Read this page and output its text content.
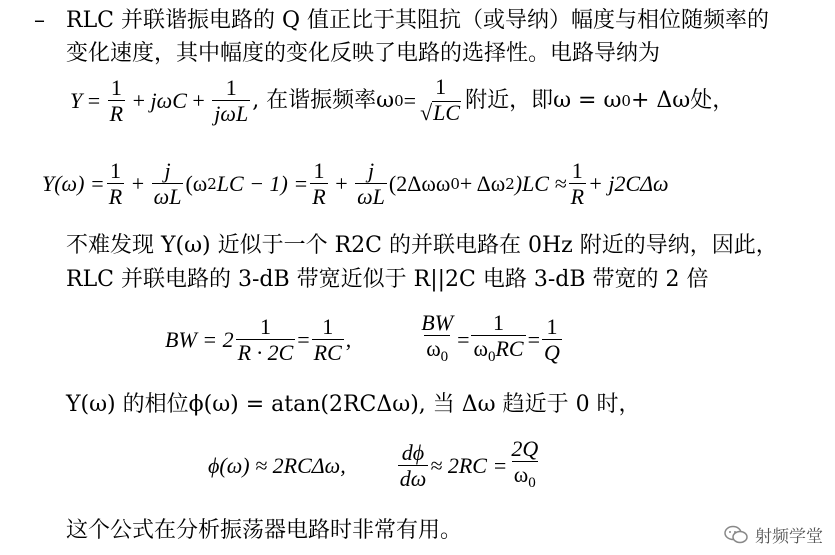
– RLC 并联谐振电路的 Q 值正比于其阻抗（或导纳）幅度与相位随频率的
变化速度，其中幅度的变化反映了电路的选择性。电路导纳为
$Y = \frac{1}{R} + j\omega C + \frac{1}{\text{jωL}}$ , 在谐振频率ω 0 =
1
√ LC 附近，即ω = ω 0 + Δω处，
$Y(\omega) = \frac{1}{R} + \frac{j}{\omega L} (\omega$ 2 LC − $1) = \frac{1}{R} + \frac{j}{\omega L} (2\Delta\omega\omega$ 0 + Δω 2 )$LC \approx \frac{1}{R} + j2C\Delta\omega$
不难发现 Y(ω) 近似于一个 R2C 的并联电路在 0Hz 附近的导纳，因此，
RLC 并联电路的 3-dB 带宽近似于 R||2C 电路 3-dB 带宽的 2 倍
BW = $2 \frac{1}{R \cdot 2C} = \frac{1}{RC}$ ,	$\frac{BW}{\omega_0} = \frac{1}{\omega_0RC} = \frac{1}{Q}$
Y(ω) 的相位ϕ(ω) = atan(2RCΔω), 当 Δω 趋近于 0 时，
ϕ(ω) ≈ 2RCΔω, $\frac{d\phi}{d\omega} \approx 2RC = \frac{2Q}{\omega_0}$
这个公式在分析振荡器电路时非常有用。	射频学堂
